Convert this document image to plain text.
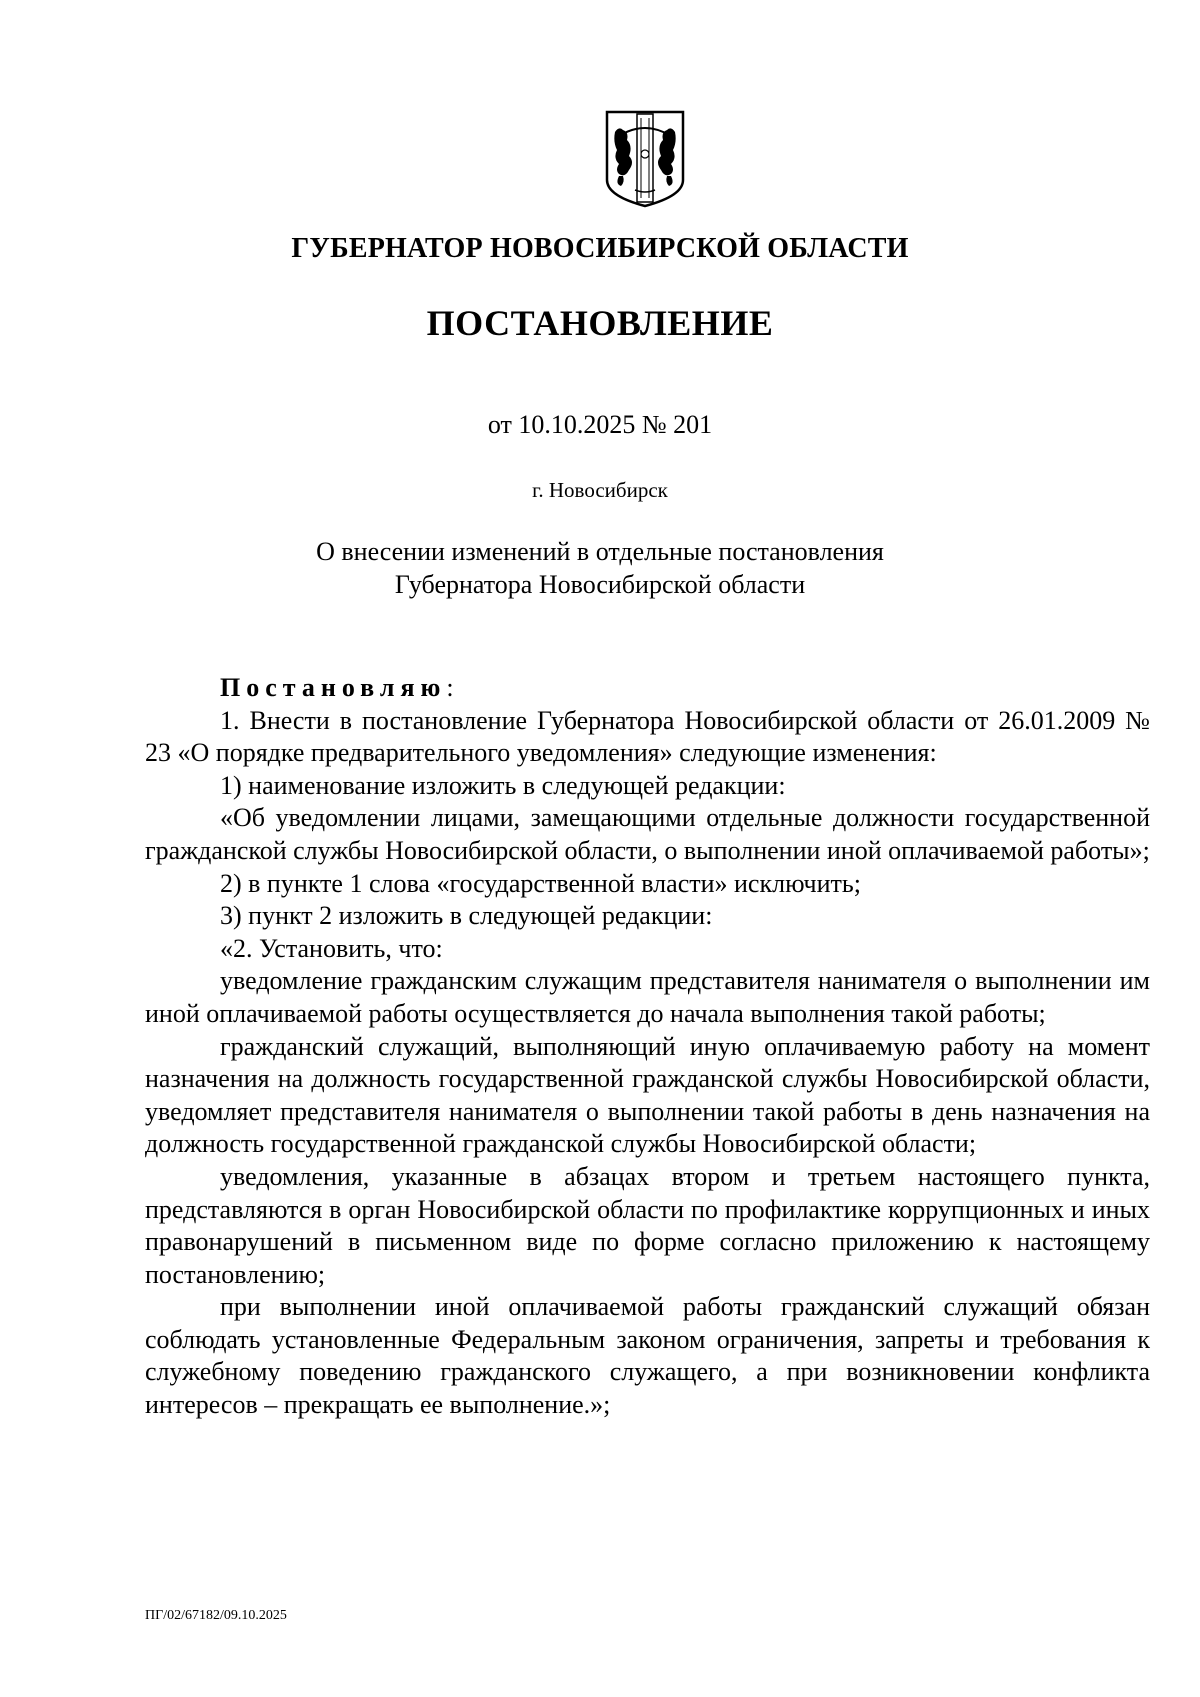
ГУБЕРНАТОР НОВОСИБИРСКОЙ ОБЛАСТИ
ПОСТАНОВЛЕНИЕ
от 10.10.2025 № 201
г. Новосибирск
О внесении изменений в отдельные постановления
Губернатора Новосибирской области

Постановляю:

1. Внести в постановление Губернатора Новосибирской области от 26.01.2009 № 23 «О порядке предварительного уведомления» следующие изменения:

1) наименование изложить в следующей редакции:

«Об уведомлении лицами, замещающими отдельные должности государственной гражданской службы Новосибирской области, о выполнении иной оплачиваемой работы»;

2) в пункте 1 слова «государственной власти» исключить;

3) пункт 2 изложить в следующей редакции:

«2. Установить, что:

уведомление гражданским служащим представителя нанимателя о выполнении им иной оплачиваемой работы осуществляется до начала выполнения такой работы;

гражданский служащий, выполняющий иную оплачиваемую работу на момент назначения на должность государственной гражданской службы Новосибирской области, уведомляет представителя нанимателя о выполнении такой работы в день назначения на должность государственной гражданской службы Новосибирской области;

уведомления, указанные в абзацах втором и третьем настоящего пункта, представляются в орган Новосибирской области по профилактике коррупционных и иных правонарушений в письменном виде по форме согласно приложению к настоящему постановлению;

при выполнении иной оплачиваемой работы гражданский служащий обязан соблюдать установленные Федеральным законом ограничения, запреты и требования к служебному поведению гражданского служащего, а при возникновении конфликта интересов – прекращать ее выполнение.»;

ПГ/02/67182/09.10.2025
